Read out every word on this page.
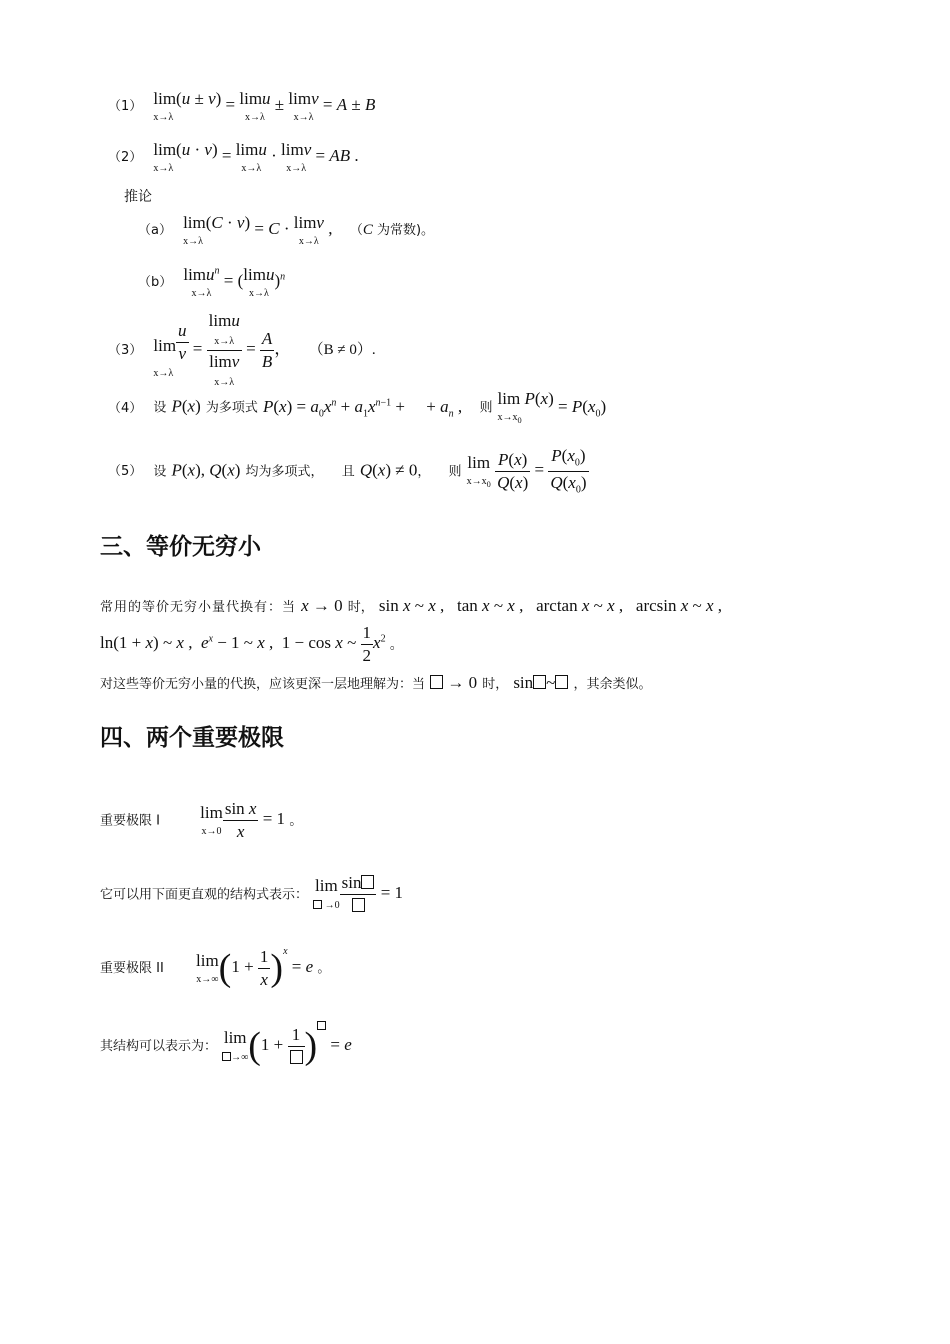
（1） lim(u ± v)
x→λ
= limu
x→λ
± limv
x→λ
= A ± B
（2） lim(u · v)
x→λ
= limu
x→λ
· limv
x→λ
= AB .
推论
（a） lim(C · v)
x→λ
= C · limv
x→λ
,  （C 为常数)。
（b） limu$^n$
x→λ
= ( limu
x→λ
)$^n$
（3） $\lim \frac{u}{v}$
x→λ
=
limu
x→λ
limv
x→λ
= $\frac{A}{B}$ ， （B ≠ 0）.
（4） 设 P(x) 为多项式 $P(x) = a_0x^n + a_1x^{n-1}$ +     + $a_n$ ,  则
lim P(x)
$x\to x_0$
= $P(x_0)$
（5） 设 P(x), Q(x) 均为多项式， 且 Q(x) ≠ 0， 则
lim
$x\to x_0$
$\frac{P(x)}{Q(x)} = \frac{P(x_0)}{Q(x_0)}$
三、等价无穷小
常用的等价无穷小量代换有：当 x → 0 时， sin x ~ x ,   tan x ~ x ,   arctan x ~ x ,   arcsin x ~ x ,
ln(1 + x) ~ x ,  $e^x - 1$ ~ x ,  1 − cos x ~ $\frac{1}{2} x^2$ 。
对这些等价无穷小量的代换，应该更深一层地理解为：当  → 0 时， sin ~ ，其余类似。
四、两个重要极限
重要极限 I lim
$x\to 0 \frac{\text{sin x}}{x} = 1$ 。
它可以用下面更直观的结构式表示： lim
→0
sin
= 1
重要极限 II lim
x→∞ $(1 + \frac{1}{x} )^x = e$ 。
其结构可以表示为： lim
→∞ (1 +
1 ) = e
